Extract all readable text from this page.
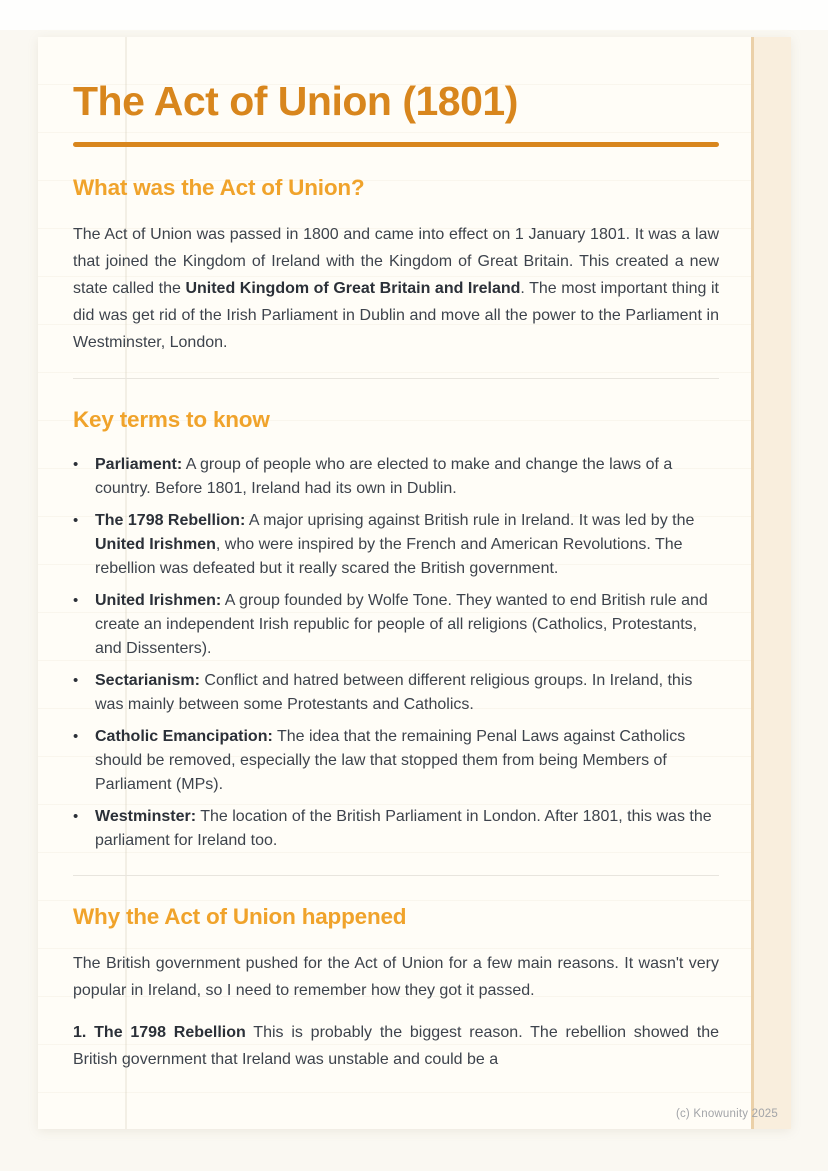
The Act of Union (1801)
What was the Act of Union?

The Act of Union was passed in 1800 and came into effect on 1 January 1801. It was a law that joined the Kingdom of Ireland with the Kingdom of Great Britain. This created a new state called the United Kingdom of Great Britain and Ireland. The most important thing it did was get rid of the Irish Parliament in Dublin and move all the power to the Parliament in Westminster, London.

Key terms to know
•	Parliament: A group of people who are elected to make and change the laws of a country. Before 1801, Ireland had its own in Dublin.
•	The 1798 Rebellion: A major uprising against British rule in Ireland. It was led by the United Irishmen, who were inspired by the French and American Revolutions. The rebellion was defeated but it really scared the British government.
•	United Irishmen: A group founded by Wolfe Tone. They wanted to end British rule and create an independent Irish republic for people of all religions (Catholics, Protestants, and Dissenters).
•	Sectarianism: Conflict and hatred between different religious groups. In Ireland, this was mainly between some Protestants and Catholics.
•	Catholic Emancipation: The idea that the remaining Penal Laws against Catholics should be removed, especially the law that stopped them from being Members of Parliament (MPs).
•	Westminster: The location of the British Parliament in London. After 1801, this was the parliament for Ireland too.
Why the Act of Union happened

The British government pushed for the Act of Union for a few main reasons. It wasn't very popular in Ireland, so I need to remember how they got it passed.

1. The 1798 Rebellion This is probably the biggest reason. The rebellion showed the British government that Ireland was unstable and could be a

(c) Knowunity 2025
